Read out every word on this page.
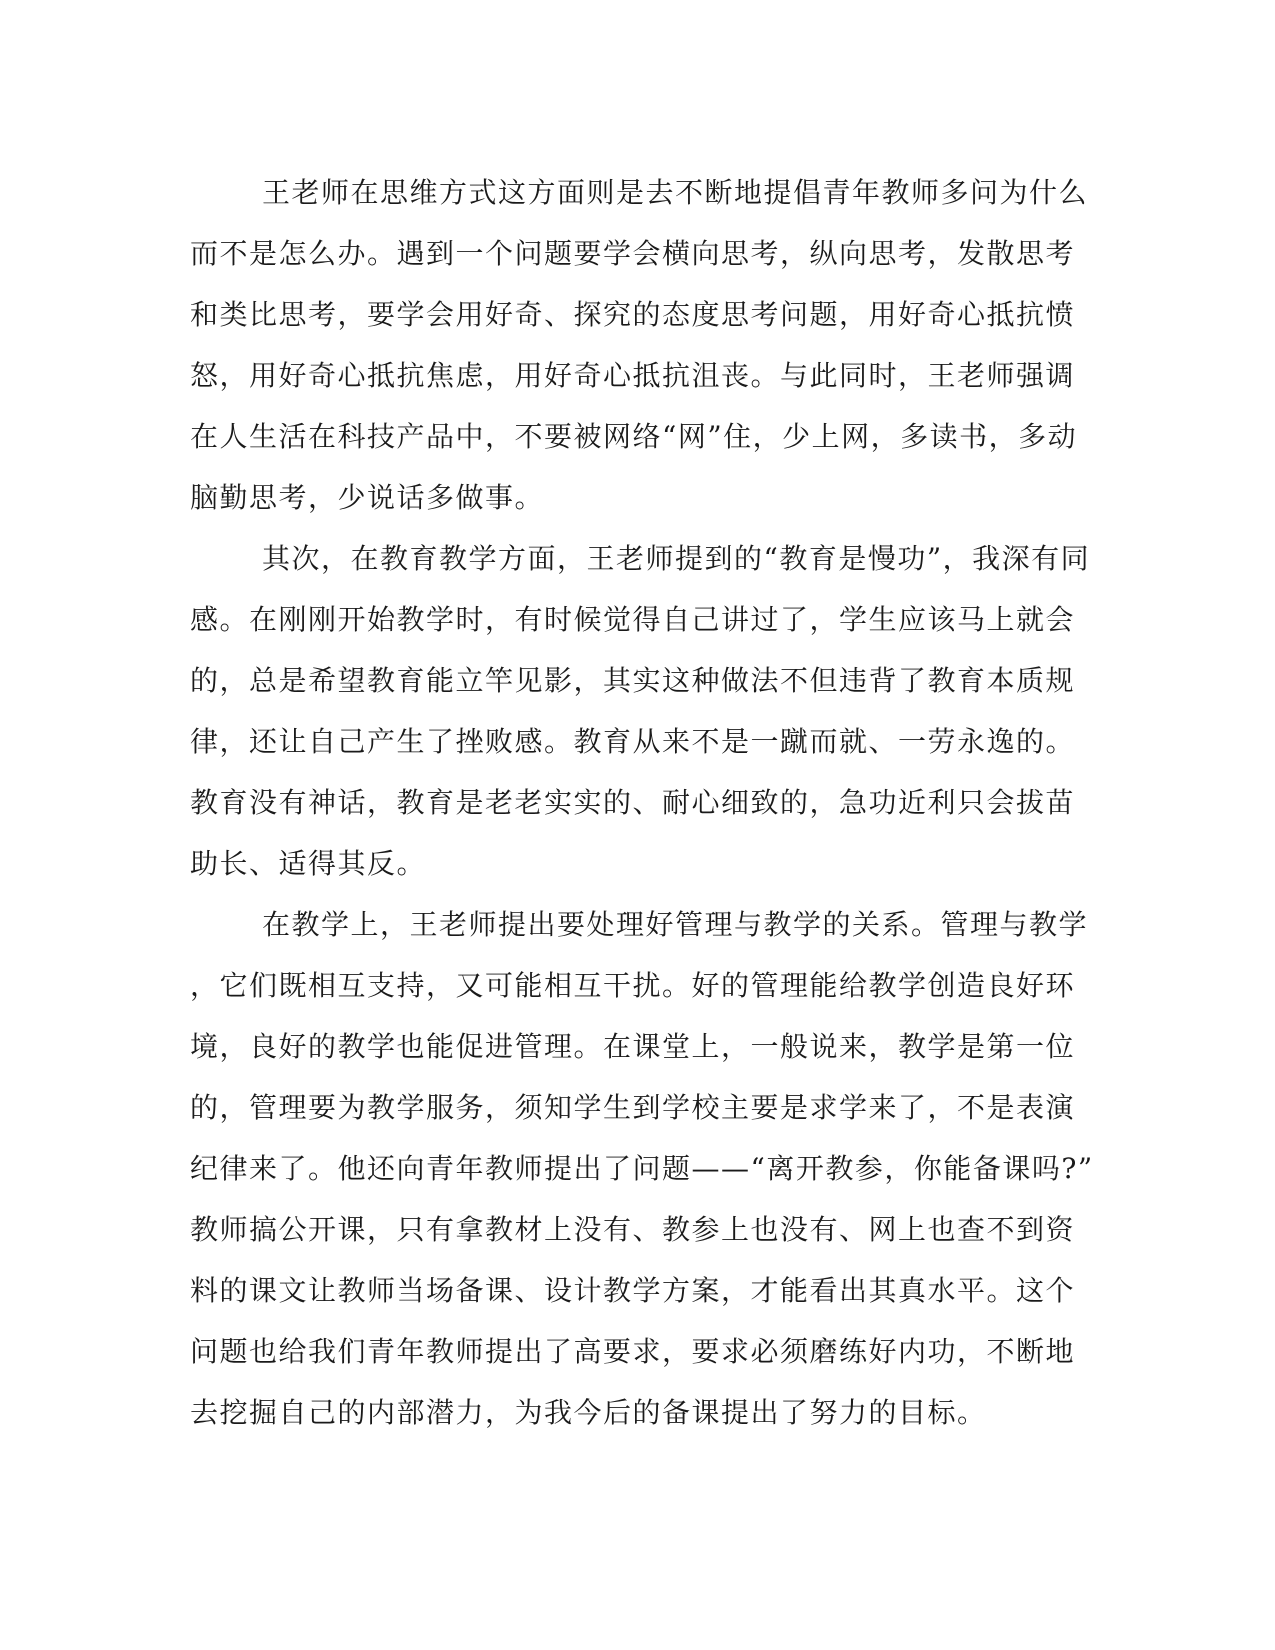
王老师在思维方式这方面则是去不断地提倡青年教师多问为什么
而不是怎么办。遇到一个问题要学会横向思考，纵向思考，发散思考
和类比思考，要学会用好奇、探究的态度思考问题，用好奇心抵抗愤
怒，用好奇心抵抗焦虑，用好奇心抵抗沮丧。与此同时，王老师强调
在人生活在科技产品中，不要被网络“网”住，少上网，多读书，多动
脑勤思考，少说话多做事。
其次，在教育教学方面，王老师提到的“教育是慢功”，我深有同
感。在刚刚开始教学时，有时候觉得自己讲过了，学生应该马上就会
的，总是希望教育能立竿见影，其实这种做法不但违背了教育本质规
律，还让自己产生了挫败感。教育从来不是一蹴而就、一劳永逸的。
教育没有神话，教育是老老实实的、耐心细致的，急功近利只会拔苗
助长、适得其反。
在教学上，王老师提出要处理好管理与教学的关系。管理与教学
，它们既相互支持，又可能相互干扰。好的管理能给教学创造良好环
境，良好的教学也能促进管理。在课堂上，一般说来，教学是第一位
的，管理要为教学服务，须知学生到学校主要是求学来了，不是表演
纪律来了。他还向青年教师提出了问题——“离开教参，你能备课吗?”
教师搞公开课，只有拿教材上没有、教参上也没有、网上也查不到资
料的课文让教师当场备课、设计教学方案，才能看出其真水平。这个
问题也给我们青年教师提出了高要求，要求必须磨练好内功，不断地
去挖掘自己的内部潜力，为我今后的备课提出了努力的目标。
